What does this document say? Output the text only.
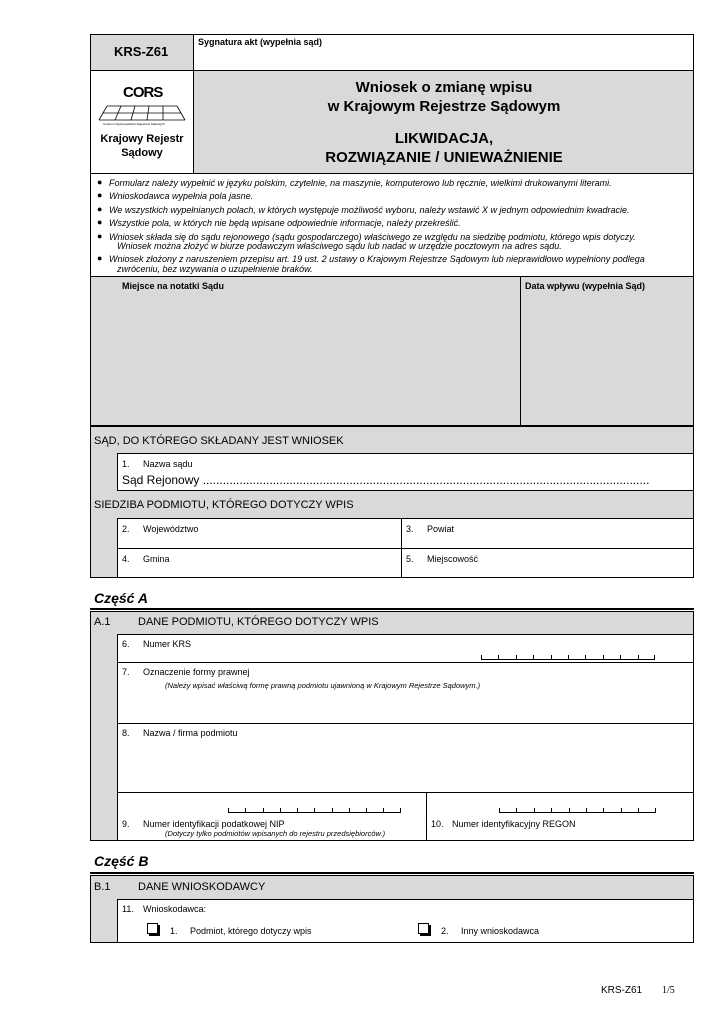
KRS-Z61
Sygnatura akt (wypełnia sąd)
CORS
Centrum Ogólnopolskich Rejestrów Sądowych
Krajowy Rejestr
Sądowy
Wniosek o zmianę wpisu
w Krajowym Rejestrze Sądowym
LIKWIDACJA,
ROZWIĄZANIE / UNIEWAŻNIENIE
● Formularz należy wypełnić w języku polskim, czytelnie, na maszynie, komputerowo lub ręcznie, wielkimi drukowanymi literami.
● Wnioskodawca wypełnia pola jasne.
● We wszystkich wypełnianych polach, w których występuje możliwość wyboru, należy wstawić X w jednym odpowiednim kwadracie.
● Wszystkie pola, w których nie będą wpisane odpowiednie informacje, należy przekreślić.
● Wniosek składa się do sądu rejonowego (sądu gospodarczego) właściwego ze względu na siedzibę podmiotu, którego wpis dotyczy.
Wniosek można złożyć w biurze podawczym właściwego sądu lub nadać w urzędzie pocztowym na adres sądu.
● Wniosek złożony z naruszeniem przepisu art. 19 ust. 2 ustawy o Krajowym Rejestrze Sądowym lub nieprawidłowo wypełniony podlega
zwróceniu, bez wzywania o uzupełnienie braków.
Miejsce na notatki Sądu	Data wpływu (wypełnia Sąd)
SĄD, DO KTÓREGO SKŁADANY JEST WNIOSEK
1. Nazwa sądu
Sąd Rejonowy ......................................................................................................................................
SIEDZIBA PODMIOTU, KTÓREGO DOTYCZY WPIS
2. Województwo	3. Powiat
4. Gmina	5. Miejscowość
Część A
A.1 DANE PODMIOTU, KTÓREGO DOTYCZY WPIS
6. Numer KRS
7. Oznaczenie formy prawnej
(Należy wpisać właściwą formę prawną podmiotu ujawnioną w Krajowym Rejestrze Sądowym.)
8. Nazwa / firma podmiotu
9. Numer identyfikacji podatkowej NIP
(Dotyczy tylko podmiotów wpisanych do rejestru przedsiębiorców.)
10. Numer identyfikacyjny REGON
Część B
B.1 DANE WNIOSKODAWCY
11. Wnioskodawca:
1. Podmiot, którego dotyczy wpis	2. Inny wnioskodawca
KRS-Z61 1/5
